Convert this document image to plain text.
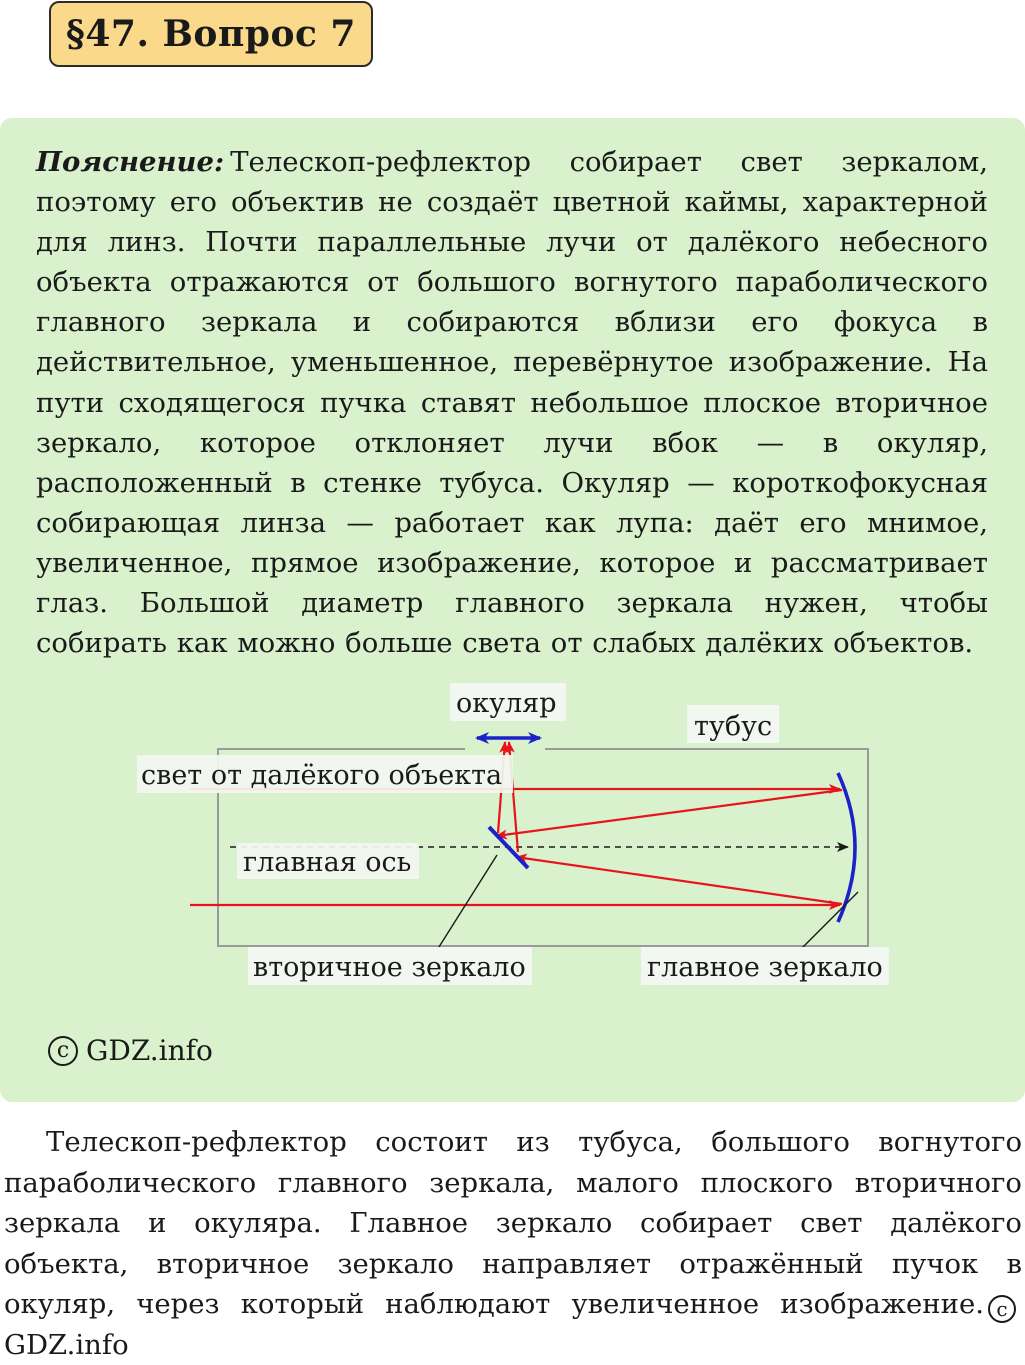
§47. Вопрос 7
Пояснение: Телескоп-рефлектор собирает свет зеркалом, поэтому его объектив не создаёт цветной каймы, характерной для линз. Почти параллельные лучи от далёкого небесного объекта отражаются от большого вогнутого параболического главного зеркала и собираются вблизи его фокуса в действительное, уменьшенное, перевёрнутое изображение. На пути сходящегося пучка ставят небольшое плоское вторичное зеркало, которое отклоняет лучи вбок — в окуляр, расположенный в стенке тубуса. Окуляр — короткофокусная собирающая линза — работает как лупа: даёт его мнимое, увеличенное, прямое изображение, которое и рассматривает глаз. Большой диаметр главного зеркала нужен, чтобы собирать как можно больше света от слабых далёких объектов.
окуляр
тубус
свет от далёкого объекта
главная ось
вторичное зеркало	главное зеркало
c GDZ.info
Телескоп-рефлектор состоит из тубуса, большого вогнутого параболического главного зеркала, малого плоского вторичного зеркала и окуляра. Главное зеркало собирает свет далёкого объекта, вторичное зеркало направляет отражённый пучок в окуляр, через который наблюдают увеличенное изображение. cGDZ.info
